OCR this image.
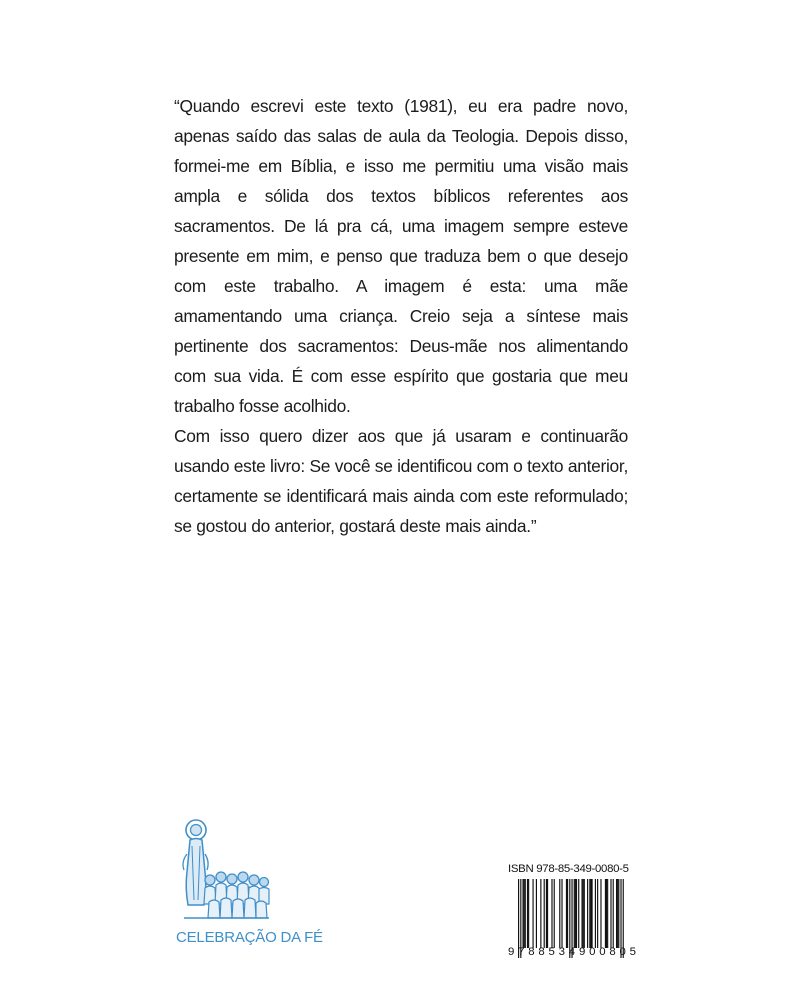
“Quando escrevi este texto (1981), eu era padre novo, apenas saído das salas de aula da Teologia. Depois disso, formei-me em Bíblia, e isso me permitiu uma visão mais ampla e sólida dos textos bíblicos referentes aos sacramentos. De lá pra cá, uma imagem sempre esteve presente em mim, e penso que traduza bem o que desejo com este trabalho. A imagem é esta: uma mãe amamentando uma criança. Creio seja a síntese mais pertinente dos sacramentos: Deus-mãe nos alimentando com sua vida. É com esse espírito que gostaria que meu trabalho fosse acolhido.

Com isso quero dizer aos que já usaram e continuarão usando este livro: Se você se identificou com o texto anterior, certamente se identificará mais ainda com este reformulado; se gostou do anterior, gostará deste mais ainda.”

CELEBRAÇÃO DA FÉ
ISBN 978-85-349-0080-5
9788534900805
